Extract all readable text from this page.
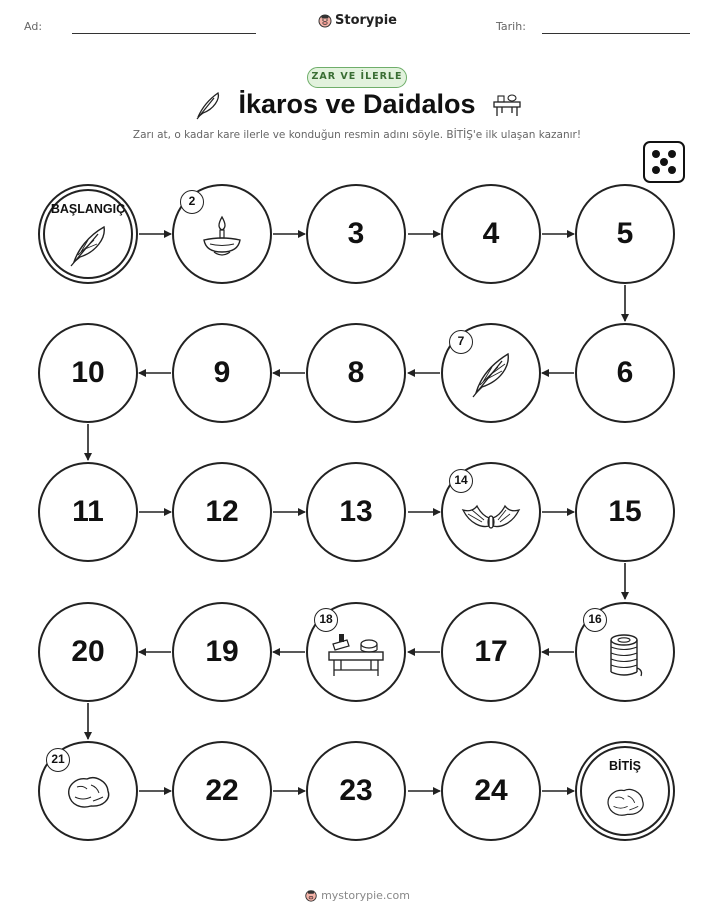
Ad:	Storypie	Tarih:
ZAR VE İLERLE
İkaros ve Daidalos
Zarı at, o kadar kare ilerle ve konduğun resmin adını söyle. BİTİŞ'e ilk ulaşan kazanır!
BAŞLANGIÇ
3	4	5
2
10	9	8	6
7
11	12	13	15
14
20	19	17
18	16
22	23	24
BİTİŞ
21
mystorypie.com
